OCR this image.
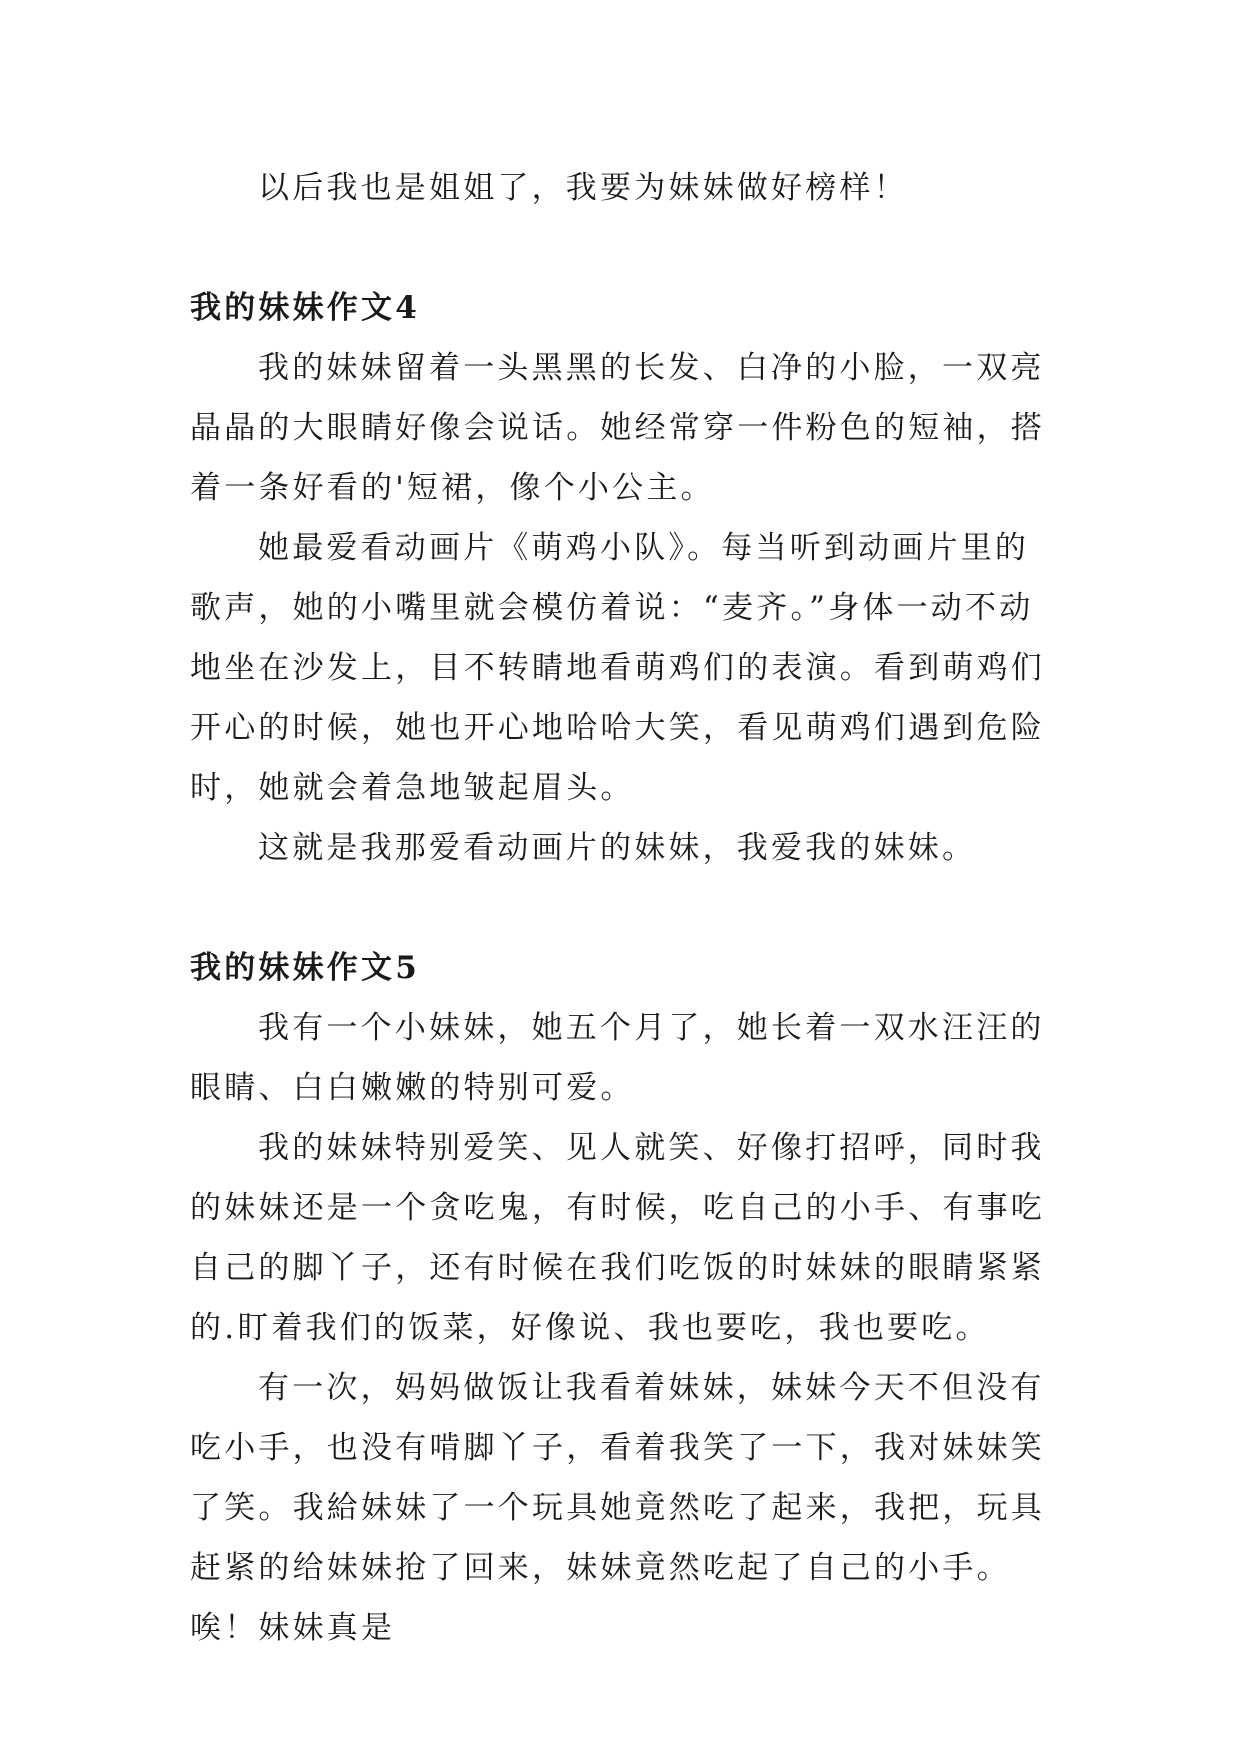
以后我也是姐姐了，我要为妹妹做好榜样！

我的妹妹作文4

我的妹妹留着一头黑黑的长发、白净的小脸，一双亮晶晶的大眼睛好像会说话。她经常穿一件粉色的短袖，搭着一条好看的'短裙，像个小公主。

她最爱看动画片《萌鸡小队》。每当听到动画片里的歌声，她的小嘴里就会模仿着说：“麦齐。”身体一动不动地坐在沙发上，目不转睛地看萌鸡们的表演。看到萌鸡们开心的时候，她也开心地哈哈大笑，看见萌鸡们遇到危险时，她就会着急地皱起眉头。

这就是我那爱看动画片的妹妹，我爱我的妹妹。

我的妹妹作文5

我有一个小妹妹，她五个月了，她长着一双水汪汪的眼睛、白白嫩嫩的特别可爱。

我的妹妹特别爱笑、见人就笑、好像打招呼，同时我的妹妹还是一个贪吃鬼，有时候，吃自己的小手、有事吃自己的脚丫子，还有时候在我们吃饭的时妹妹的眼睛紧紧的.盯着我们的饭菜，好像说、我也要吃，我也要吃。

有一次，妈妈做饭让我看着妹妹，妹妹今天不但没有吃小手，也没有啃脚丫子，看着我笑了一下，我对妹妹笑了笑。我給妹妹了一个玩具她竟然吃了起来，我把，玩具赶紧的给妹妹抢了回来，妹妹竟然吃起了自己的小手。唉！妹妹真是
